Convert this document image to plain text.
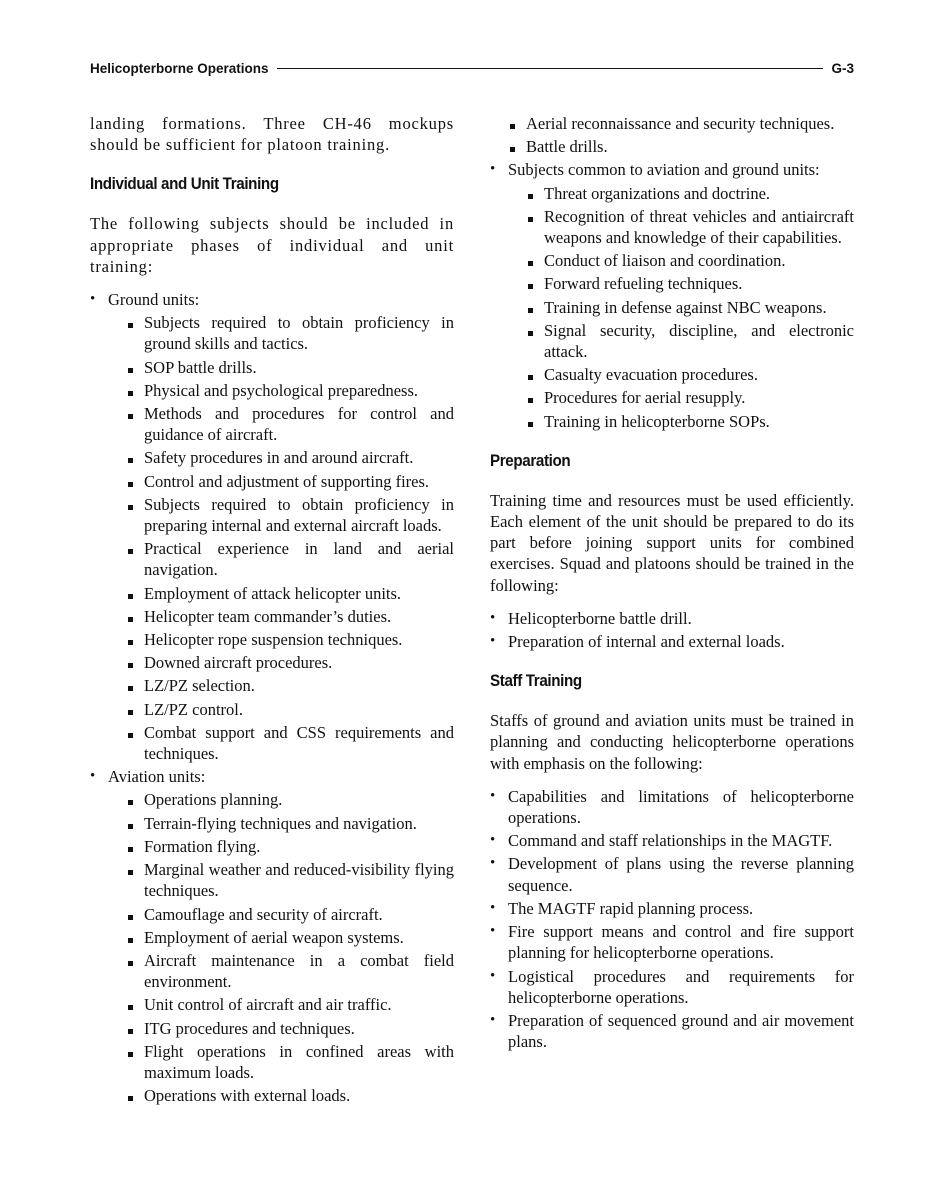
Helicopterborne Operations	G-3

landing formations. Three CH-46 mockups should be sufficient for platoon training.

Individual and Unit Training

The following subjects should be included in appropriate phases of individual and unit training:

• Ground units:
Subjects required to obtain proficiency in ground skills and tactics.
SOP battle drills.
Physical and psychological preparedness.
Methods and procedures for control and guidance of aircraft.
Safety procedures in and around aircraft.
Control and adjustment of supporting fires.
Subjects required to obtain proficiency in preparing internal and external aircraft loads.
Practical experience in land and aerial navigation.
Employment of attack helicopter units.
Helicopter team commander’s duties.
Helicopter rope suspension techniques.
Downed aircraft procedures.
LZ/PZ selection.
LZ/PZ control.
Combat support and CSS requirements and techniques.
• Aviation units:
Operations planning.
Terrain-flying techniques and navigation.
Formation flying.
Marginal weather and reduced-visibility flying techniques.
Camouflage and security of aircraft.
Employment of aerial weapon systems.
Aircraft maintenance in a combat field environment.
Unit control of aircraft and air traffic.
ITG procedures and techniques.
Flight operations in confined areas with maximum loads.
Operations with external loads.
Aerial reconnaissance and security techniques.
Battle drills.
• Subjects common to aviation and ground units:
Threat organizations and doctrine.
Recognition of threat vehicles and antiaircraft weapons and knowledge of their capabilities.
Conduct of liaison and coordination.
Forward refueling techniques.
Training in defense against NBC weapons.
Signal security, discipline, and electronic attack.
Casualty evacuation procedures.
Procedures for aerial resupply.
Training in helicopterborne SOPs.
Preparation

Training time and resources must be used efficiently. Each element of the unit should be prepared to do its part before joining support units for combined exercises. Squad and platoons should be trained in the following:

• Helicopterborne battle drill.
• Preparation of internal and external loads.
Staff Training

Staffs of ground and aviation units must be trained in planning and conducting helicopterborne operations with emphasis on the following:

• Capabilities and limitations of helicopterborne operations.
• Command and staff relationships in the MAGTF.
• Development of plans using the reverse planning sequence.
• The MAGTF rapid planning process.
• Fire support means and control and fire support planning for helicopterborne operations.
• Logistical procedures and requirements for helicopterborne operations.
• Preparation of sequenced ground and air movement plans.
